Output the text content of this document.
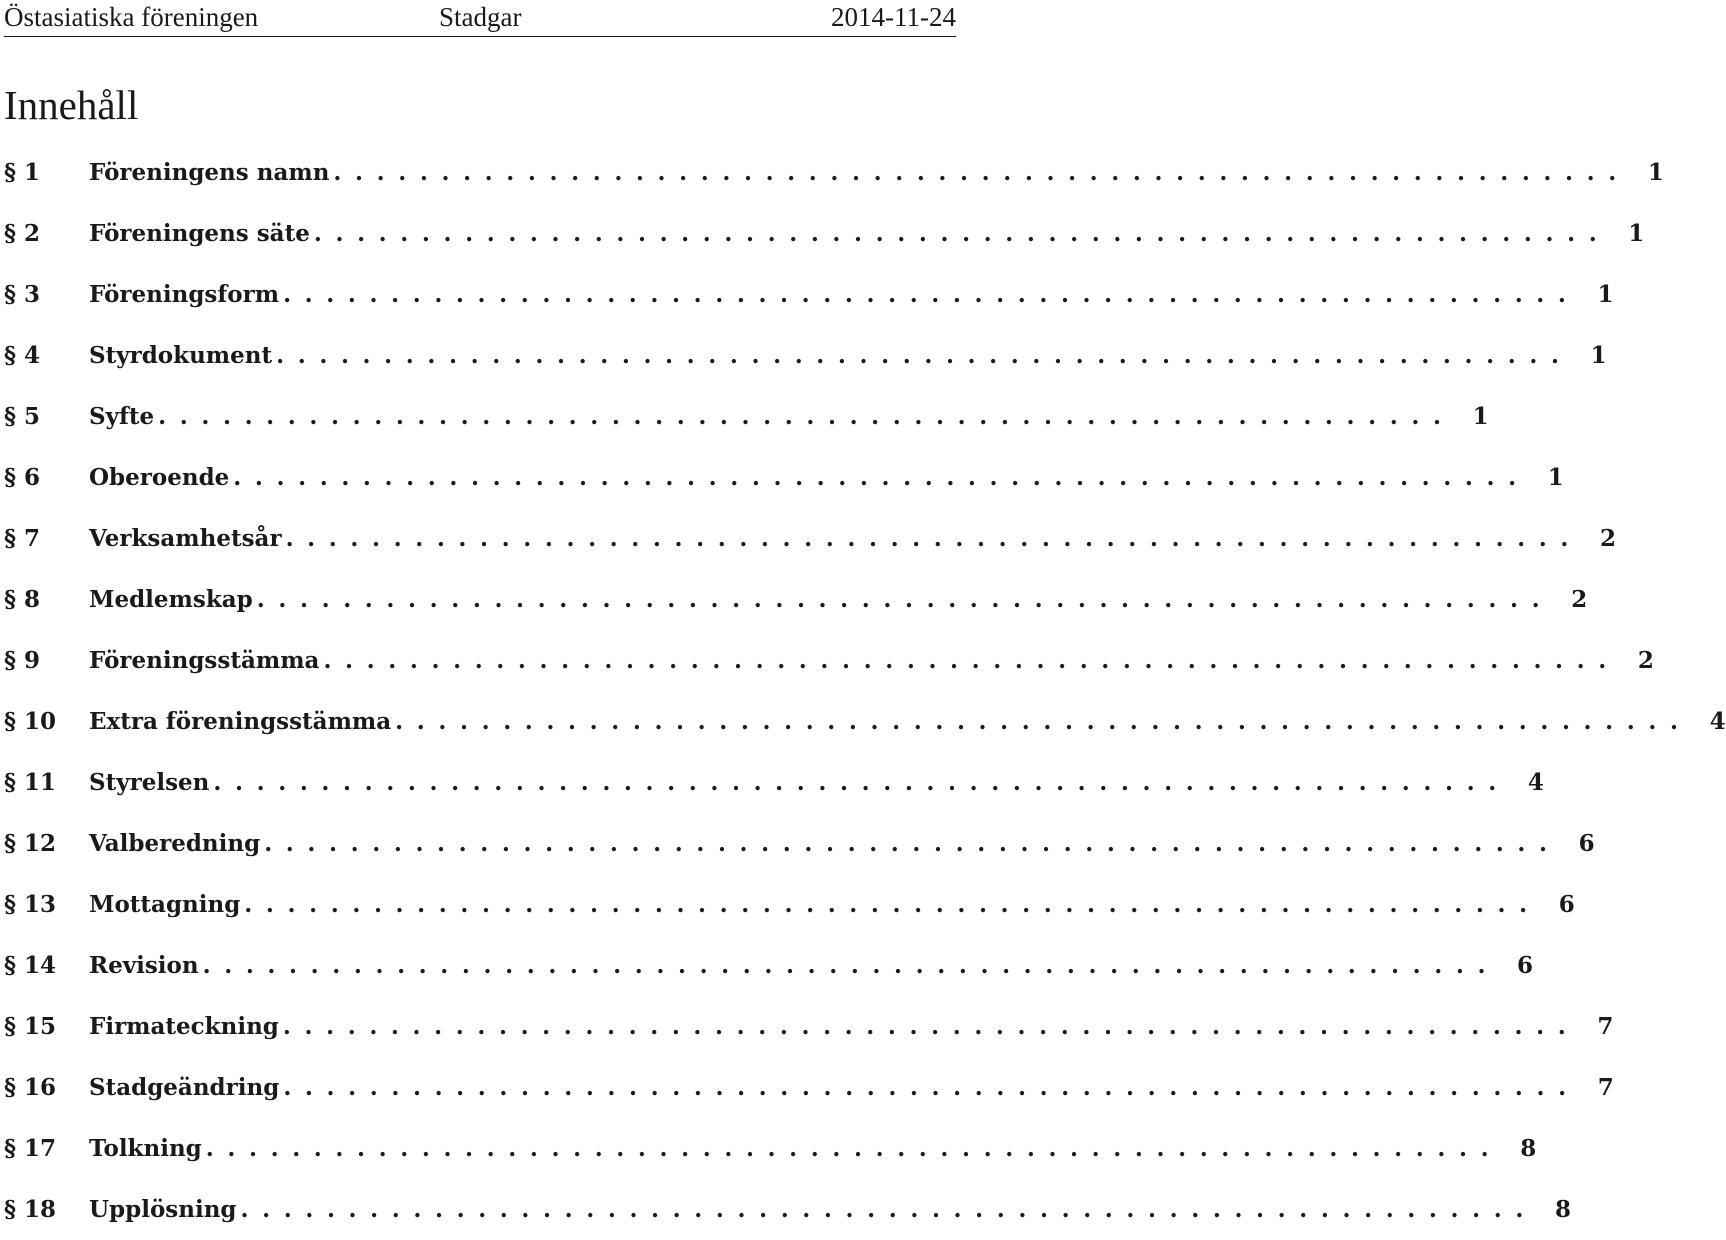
Östasiatiska föreningen	Stadgar	2014-11-24
Innehåll
§ 1	Föreningens namn ............................................................ 1
§ 2	Föreningens säte ............................................................ 1
§ 3	Föreningsform ............................................................ 1
§ 4	Styrdokument ............................................................ 1
§ 5	Syfte ............................................................ 1
§ 6	Oberoende ............................................................ 1
§ 7	Verksamhetsår ............................................................ 2
§ 8	Medlemskap ............................................................ 2
§ 9	Föreningsstämma ............................................................ 2
§ 10	Extra föreningsstämma ............................................................ 4
§ 11	Styrelsen ............................................................ 4
§ 12	Valberedning ............................................................ 6
§ 13	Mottagning ............................................................ 6
§ 14	Revision ............................................................ 6
§ 15	Firmateckning ............................................................ 7
§ 16	Stadgeändring ............................................................ 7
§ 17	Tolkning ............................................................ 8
§ 18	Upplösning ............................................................ 8
